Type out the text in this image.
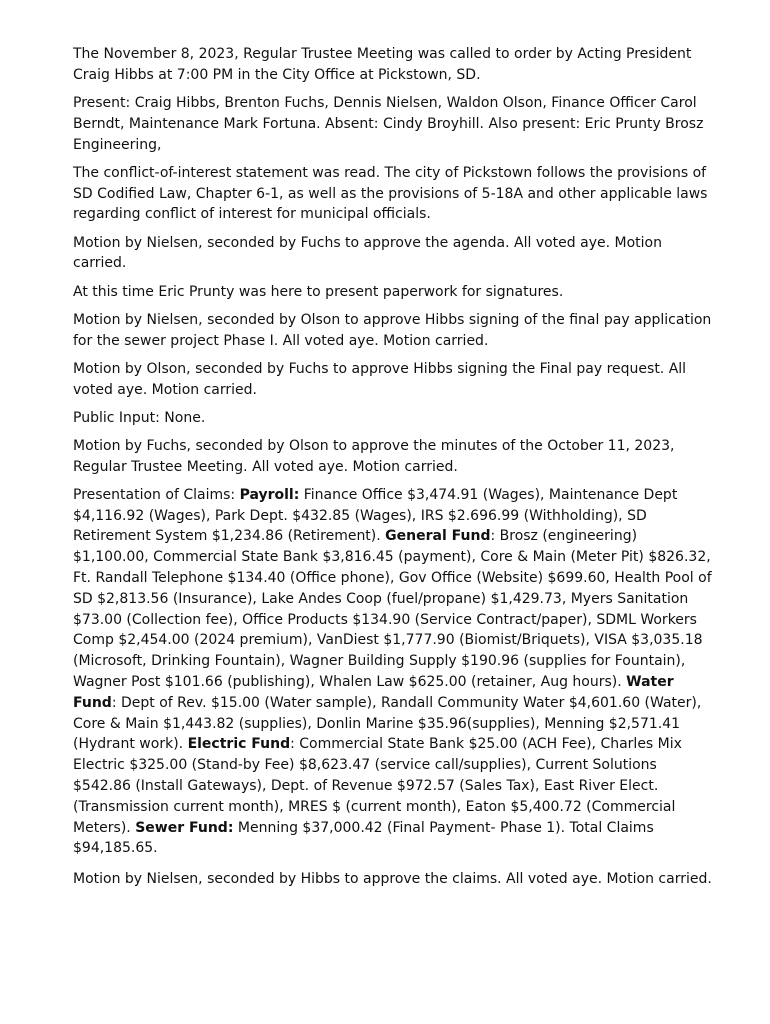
The November 8, 2023, Regular Trustee Meeting was called to order by Acting President Craig Hibbs at 7:00 PM in the City Office at Pickstown, SD.

Present: Craig Hibbs, Brenton Fuchs, Dennis Nielsen, Waldon Olson, Finance Officer Carol Berndt, Maintenance Mark Fortuna. Absent: Cindy Broyhill. Also present: Eric Prunty Brosz Engineering,

The conflict-of-interest statement was read. The city of Pickstown follows the provisions of SD Codified Law, Chapter 6-1, as well as the provisions of 5-18A and other applicable laws regarding conflict of interest for municipal officials.

Motion by Nielsen, seconded by Fuchs to approve the agenda. All voted aye. Motion carried.

At this time Eric Prunty was here to present paperwork for signatures.

Motion by Nielsen, seconded by Olson to approve Hibbs signing of the final pay application for the sewer project Phase I. All voted aye. Motion carried.

Motion by Olson, seconded by Fuchs to approve Hibbs signing the Final pay request. All voted aye. Motion carried.

Public Input: None.

Motion by Fuchs, seconded by Olson to approve the minutes of the October 11, 2023, Regular Trustee Meeting. All voted aye. Motion carried.

Presentation of Claims: Payroll: Finance Office $3,474.91 (Wages), Maintenance Dept $4,116.92 (Wages), Park Dept. $432.85 (Wages), IRS $2.696.99 (Withholding), SD Retirement System $1,234.86 (Retirement). General Fund: Brosz (engineering) $1,100.00, Commercial State Bank $3,816.45 (payment), Core & Main (Meter Pit) $826.32, Ft. Randall Telephone $134.40 (Office phone), Gov Office (Website) $699.60, Health Pool of SD $2,813.56 (Insurance), Lake Andes Coop (fuel/propane) $1,429.73, Myers Sanitation $73.00 (Collection fee), Office Products $134.90 (Service Contract/paper), SDML Workers Comp $2,454.00 (2024 premium), VanDiest $1,777.90 (Biomist/Briquets), VISA $3,035.18 (Microsoft, Drinking Fountain), Wagner Building Supply $190.96 (supplies for Fountain), Wagner Post $101.66 (publishing), Whalen Law $625.00 (retainer, Aug hours). Water Fund: Dept of Rev. $15.00 (Water sample), Randall Community Water $4,601.60 (Water), Core & Main $1,443.82 (supplies), Donlin Marine $35.96(supplies), Menning $2,571.41 (Hydrant work). Electric Fund: Commercial State Bank $25.00 (ACH Fee), Charles Mix Electric $325.00 (Stand-by Fee) $8,623.47 (service call/supplies), Current Solutions $542.86 (Install Gateways), Dept. of Revenue $972.57 (Sales Tax), East River Elect. (Transmission current month), MRES $ (current month), Eaton $5,400.72 (Commercial Meters). Sewer Fund: Menning $37,000.42 (Final Payment- Phase 1). Total Claims $94,185.65.

Motion by Nielsen, seconded by Hibbs to approve the claims. All voted aye. Motion carried.
